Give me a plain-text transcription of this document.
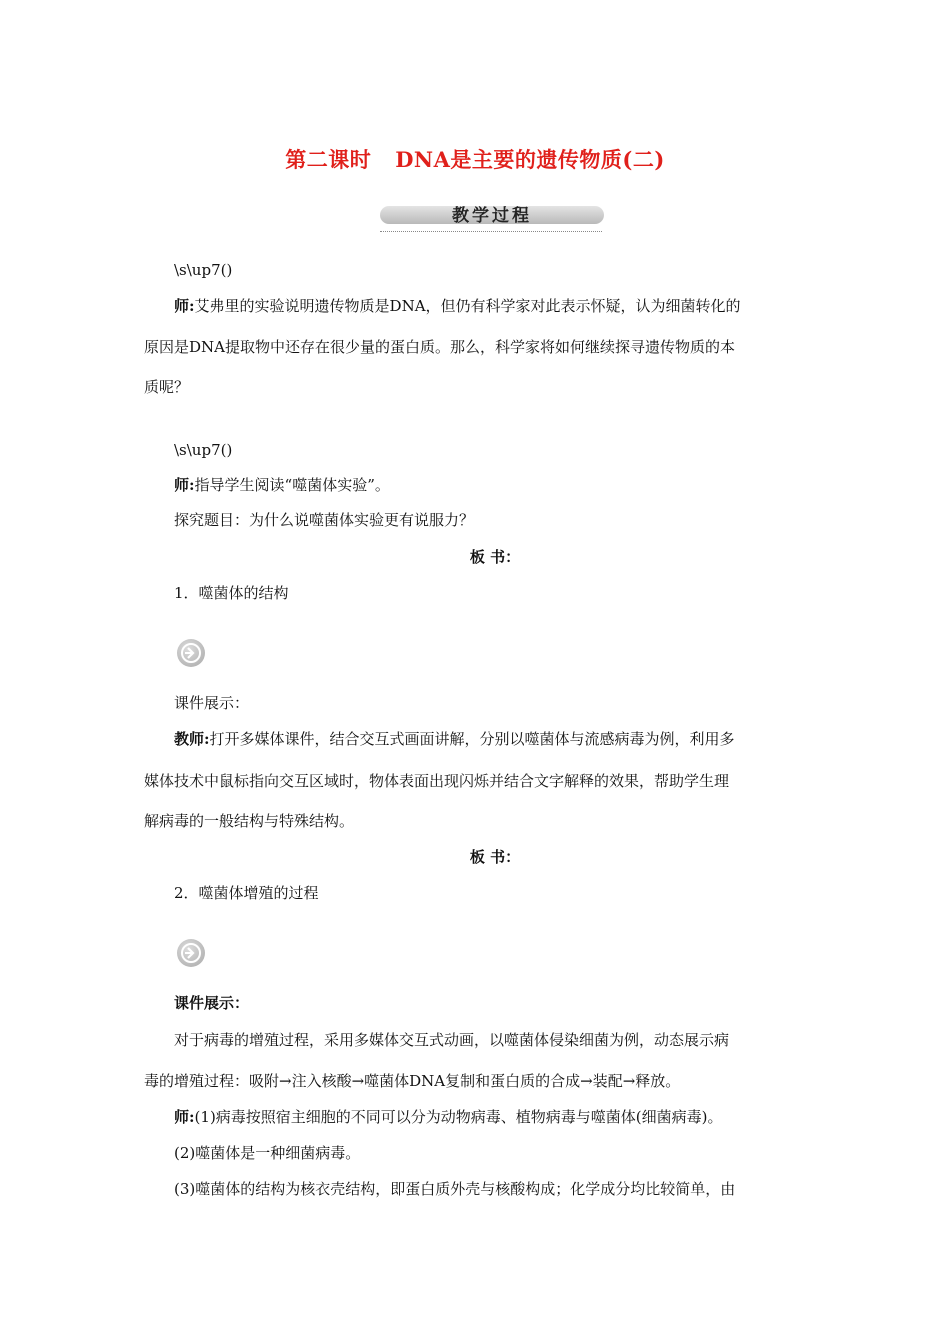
第二课时 DNA是主要的遗传物质(二)
教学过程
\s\up7()
师:艾弗里的实验说明遗传物质是DNA，但仍有科学家对此表示怀疑，认为细菌转化的
原因是DNA提取物中还存在很少量的蛋白质。那么，科学家将如何继续探寻遗传物质的本
质呢？
\s\up7()
师:指导学生阅读“噬菌体实验”。
探究题目：为什么说噬菌体实验更有说服力？
板 书：
1．噬菌体的结构
课件展示：
教师:打开多媒体课件，结合交互式画面讲解，分别以噬菌体与流感病毒为例，利用多
媒体技术中鼠标指向交互区域时，物体表面出现闪烁并结合文字解释的效果，帮助学生理
解病毒的一般结构与特殊结构。
板 书：
2．噬菌体增殖的过程
课件展示：
对于病毒的增殖过程，采用多媒体交互式动画，以噬菌体侵染细菌为例，动态展示病
毒的增殖过程：吸附→注入核酸→噬菌体DNA复制和蛋白质的合成→装配→释放。
师:(1)病毒按照宿主细胞的不同可以分为动物病毒、植物病毒与噬菌体(细菌病毒)。
(2)噬菌体是一种细菌病毒。
(3)噬菌体的结构为核衣壳结构，即蛋白质外壳与核酸构成；化学成分均比较简单，由
